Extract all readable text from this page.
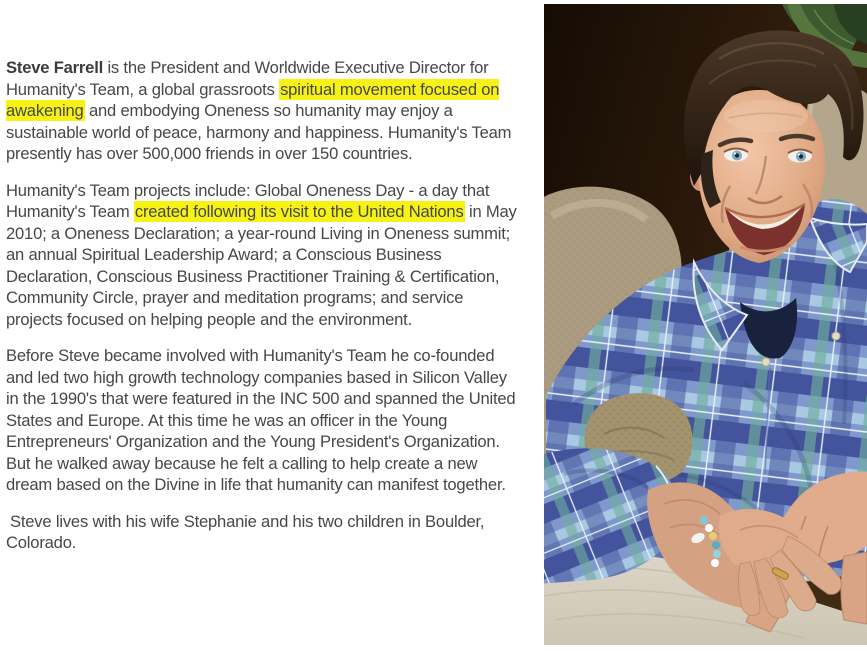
Steve Farrell is the President and Worldwide Executive Director for Humanity's Team, a global grassroots spiritual movement focused on awakening and embodying Oneness so humanity may enjoy a sustainable world of peace, harmony and happiness. Humanity's Team presently has over 500,000 friends in over 150 countries.

Humanity's Team projects include: Global Oneness Day - a day that Humanity's Team created following its visit to the United Nations in May 2010; a Oneness Declaration; a year-round Living in Oneness summit; an annual Spiritual Leadership Award; a Conscious Business Declaration, Conscious Business Practitioner Training & Certification, Community Circle, prayer and meditation programs; and service projects focused on helping people and the environment.

Before Steve became involved with Humanity's Team he co-founded and led two high growth technology companies based in Silicon Valley in the 1990's that were featured in the INC 500 and spanned the United States and Europe. At this time he was an officer in the Young Entrepreneurs' Organization and the Young President's Organization. But he walked away because he felt a calling to help create a new dream based on the Divine in life that humanity can manifest together.

Steve lives with his wife Stephanie and his two children in Boulder, Colorado.
